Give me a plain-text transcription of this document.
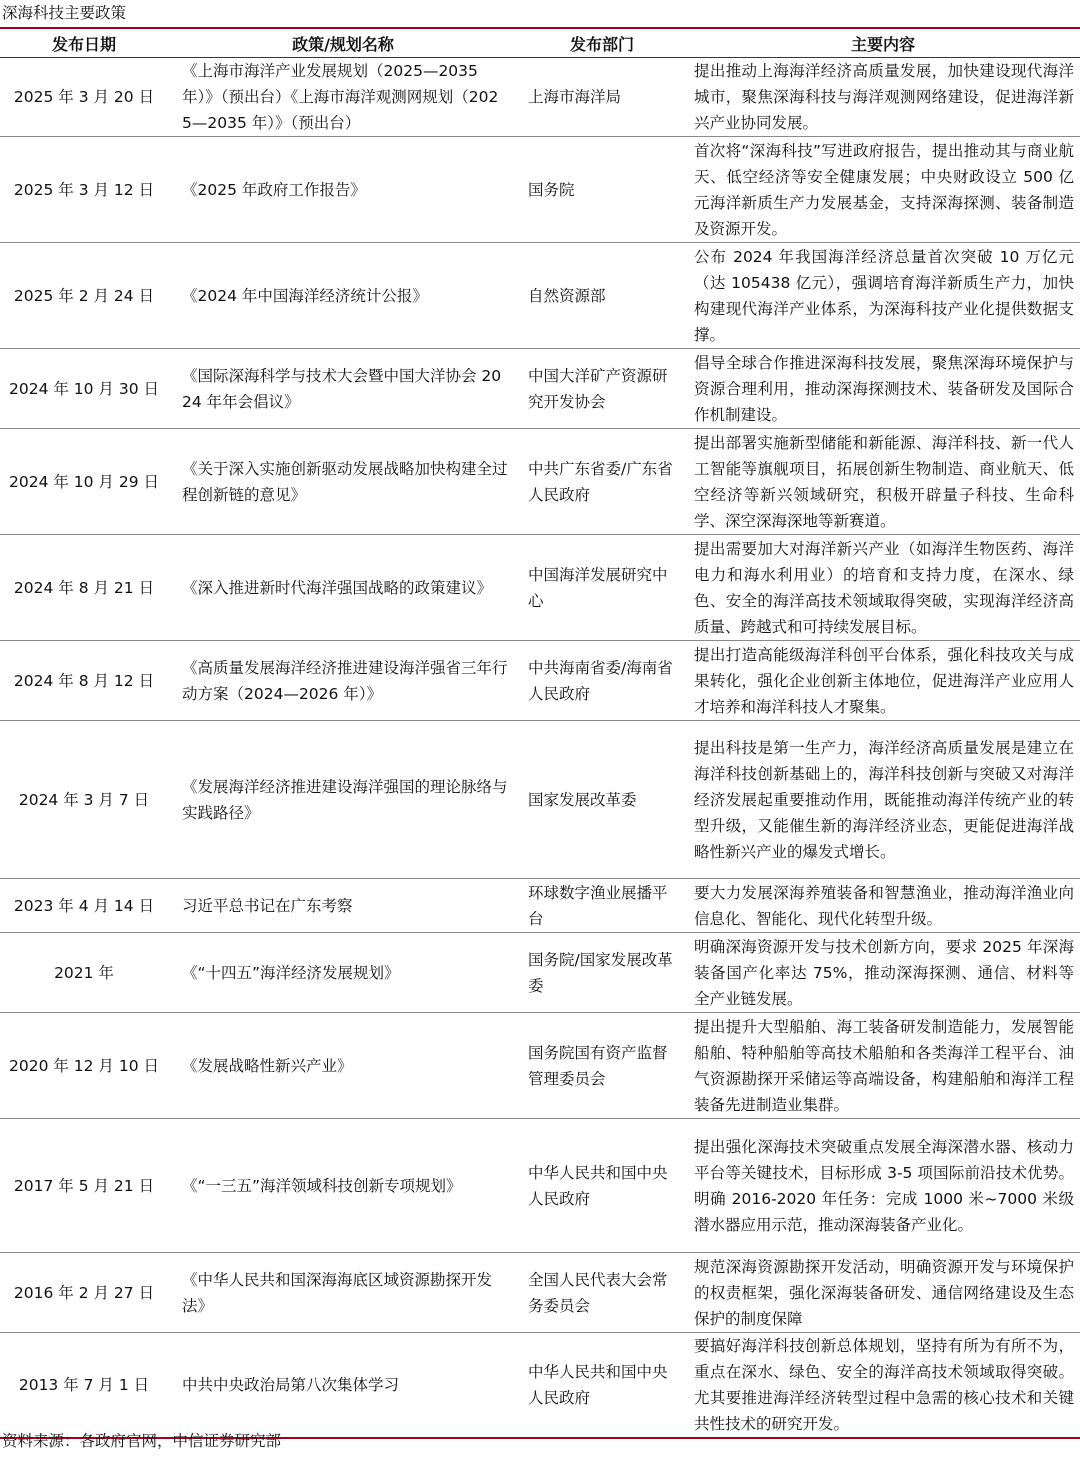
深海科技主要政策
发布日期	政策/规划名称	发布部门	主要内容
2025 年 3 月 20 日	《上海市海洋产业发展规划（2025—2035 年）》（预出台）《上海市海洋观测网规划（2025—2035 年）》（预出台）	上海市海洋局	提出推动上海海洋经济高质量发展，加快建设现代海洋城市，聚焦深海科技与海洋观测网络建设，促进海洋新兴产业协同发展。
2025 年 3 月 12 日	《2025 年政府工作报告》	国务院	首次将“深海科技”写进政府报告，提出推动其与商业航天、低空经济等安全健康发展；中央财政设立 500 亿元海洋新质生产力发展基金，支持深海探测、装备制造及资源开发。
2025 年 2 月 24 日	《2024 年中国海洋经济统计公报》	自然资源部	公布 2024 年我国海洋经济总量首次突破 10 万亿元（达 105438 亿元），强调培育海洋新质生产力，加快构建现代海洋产业体系，为深海科技产业化提供数据支撑。
2024 年 10 月 30 日	《国际深海科学与技术大会暨中国大洋协会 2024 年年会倡议》	中国大洋矿产资源研究开发协会	倡导全球合作推进深海科技发展，聚焦深海环境保护与资源合理利用，推动深海探测技术、装备研发及国际合作机制建设。
2024 年 10 月 29 日	《关于深入实施创新驱动发展战略加快构建全过程创新链的意见》	中共广东省委/广东省人民政府	提出部署实施新型储能和新能源、海洋科技、新一代人工智能等旗舰项目，拓展创新生物制造、商业航天、低空经济等新兴领域研究，积极开辟量子科技、生命科学、深空深海深地等新赛道。
2024 年 8 月 21 日	《深入推进新时代海洋强国战略的政策建议》	中国海洋发展研究中心	提出需要加大对海洋新兴产业（如海洋生物医药、海洋电力和海水利用业）的培育和支持力度，在深水、绿色、安全的海洋高技术领域取得突破，实现海洋经济高质量、跨越式和可持续发展目标。
2024 年 8 月 12 日	《高质量发展海洋经济推进建设海洋强省三年行动方案（2024—2026 年）》	中共海南省委/海南省人民政府	提出打造高能级海洋科创平台体系，强化科技攻关与成果转化，强化企业创新主体地位，促进海洋产业应用人才培养和海洋科技人才聚集。
2024 年 3 月 7 日	《发展海洋经济推进建设海洋强国的理论脉络与实践路径》	国家发展改革委	提出科技是第一生产力，海洋经济高质量发展是建立在海洋科技创新基础上的，海洋科技创新与突破又对海洋经济发展起重要推动作用，既能推动海洋传统产业的转型升级，又能催生新的海洋经济业态，更能促进海洋战略性新兴产业的爆发式增长。
2023 年 4 月 14 日	习近平总书记在广东考察	环球数字渔业展播平台	要大力发展深海养殖装备和智慧渔业，推动海洋渔业向信息化、智能化、现代化转型升级。
2021 年	《“十四五”海洋经济发展规划》	国务院/国家发展改革委	明确深海资源开发与技术创新方向，要求 2025 年深海装备国产化率达 75%，推动深海探测、通信、材料等全产业链发展。
2020 年 12 月 10 日	《发展战略性新兴产业》	国务院国有资产监督管理委员会	提出提升大型船舶、海工装备研发制造能力，发展智能船舶、特种船舶等高技术船舶和各类海洋工程平台、油气资源勘探开采储运等高端设备，构建船舶和海洋工程装备先进制造业集群。
2017 年 5 月 21 日	《“一三五”海洋领域科技创新专项规划》	中华人民共和国中央人民政府	提出强化深海技术突破重点发展全海深潜水器、核动力平台等关键技术，目标形成 3-5 项国际前沿技术优势。明确 2016-2020 年任务：完成 1000 米~7000 米级潜水器应用示范，推动深海装备产业化。
2016 年 2 月 27 日	《中华人民共和国深海海底区域资源勘探开发法》	全国人民代表大会常务委员会	规范深海资源勘探开发活动，明确资源开发与环境保护的权责框架，强化深海装备研发、通信网络建设及生态保护的制度保障
2013 年 7 月 1 日	中共中央政治局第八次集体学习	中华人民共和国中央人民政府	要搞好海洋科技创新总体规划，坚持有所为有所不为，重点在深水、绿色、安全的海洋高技术领域取得突破。尤其要推进海洋经济转型过程中急需的核心技术和关键共性技术的研究开发。
资料来源：各政府官网，中信证券研究部
